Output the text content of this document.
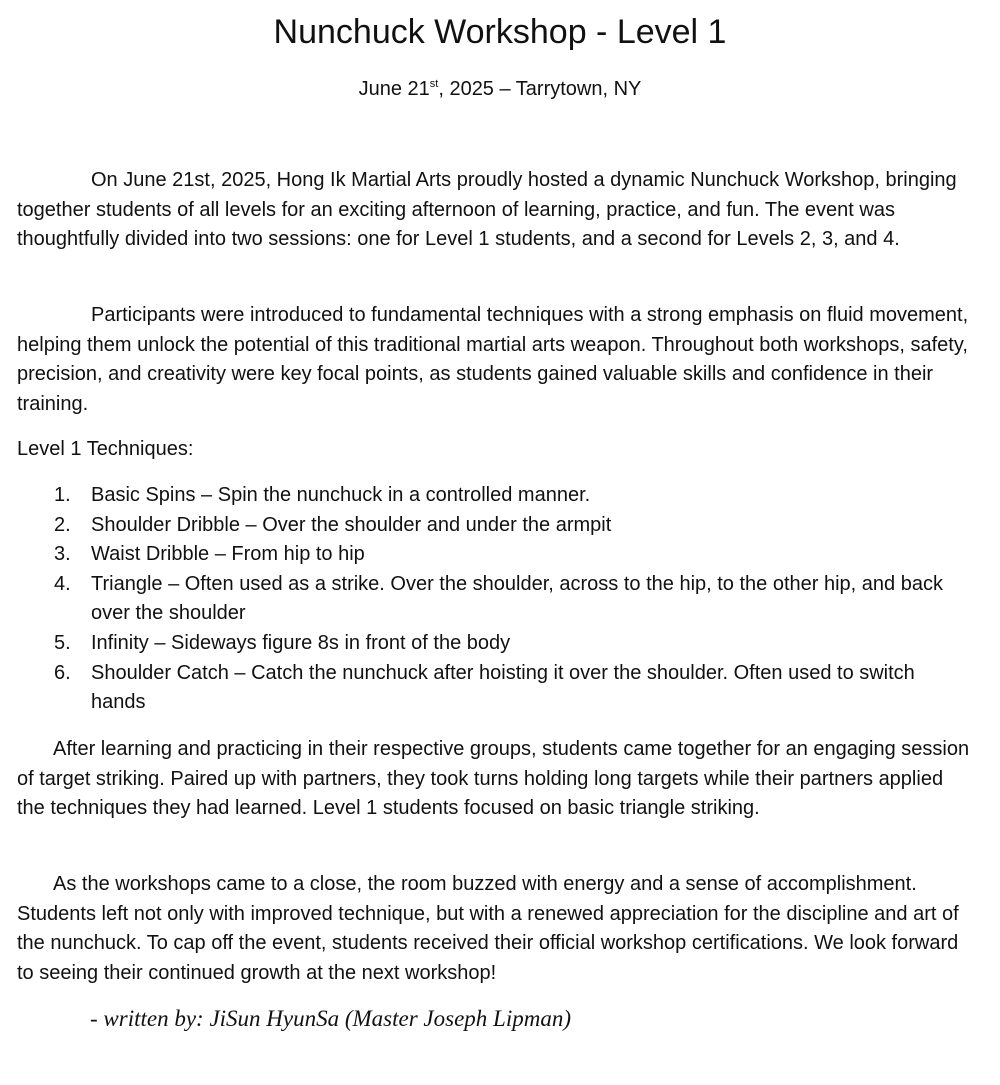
Nunchuck Workshop - Level 1

June 21st, 2025 – Tarrytown, NY

On June 21st, 2025, Hong Ik Martial Arts proudly hosted a dynamic Nunchuck Workshop, bringing together students of all levels for an exciting afternoon of learning, practice, and fun. The event was thoughtfully divided into two sessions: one for Level 1 students, and a second for Levels 2, 3, and 4.

Participants were introduced to fundamental techniques with a strong emphasis on fluid movement, helping them unlock the potential of this traditional martial arts weapon. Throughout both workshops, safety, precision, and creativity were key focal points, as students gained valuable skills and confidence in their training.

Level 1 Techniques:

1. Basic Spins – Spin the nunchuck in a controlled manner.
2. Shoulder Dribble – Over the shoulder and under the armpit
3. Waist Dribble – From hip to hip
4. Triangle – Often used as a strike. Over the shoulder, across to the hip, to the other hip, and back over the shoulder
5. Infinity – Sideways figure 8s in front of the body
6. Shoulder Catch – Catch the nunchuck after hoisting it over the shoulder. Often used to switch hands

After learning and practicing in their respective groups, students came together for an engaging session of target striking. Paired up with partners, they took turns holding long targets while their partners applied the techniques they had learned. Level 1 students focused on basic triangle striking.

As the workshops came to a close, the room buzzed with energy and a sense of accomplishment. Students left not only with improved technique, but with a renewed appreciation for the discipline and art of the nunchuck. To cap off the event, students received their official workshop certifications. We look forward to seeing their continued growth at the next workshop!

- written by: JiSun HyunSa (Master Joseph Lipman)
